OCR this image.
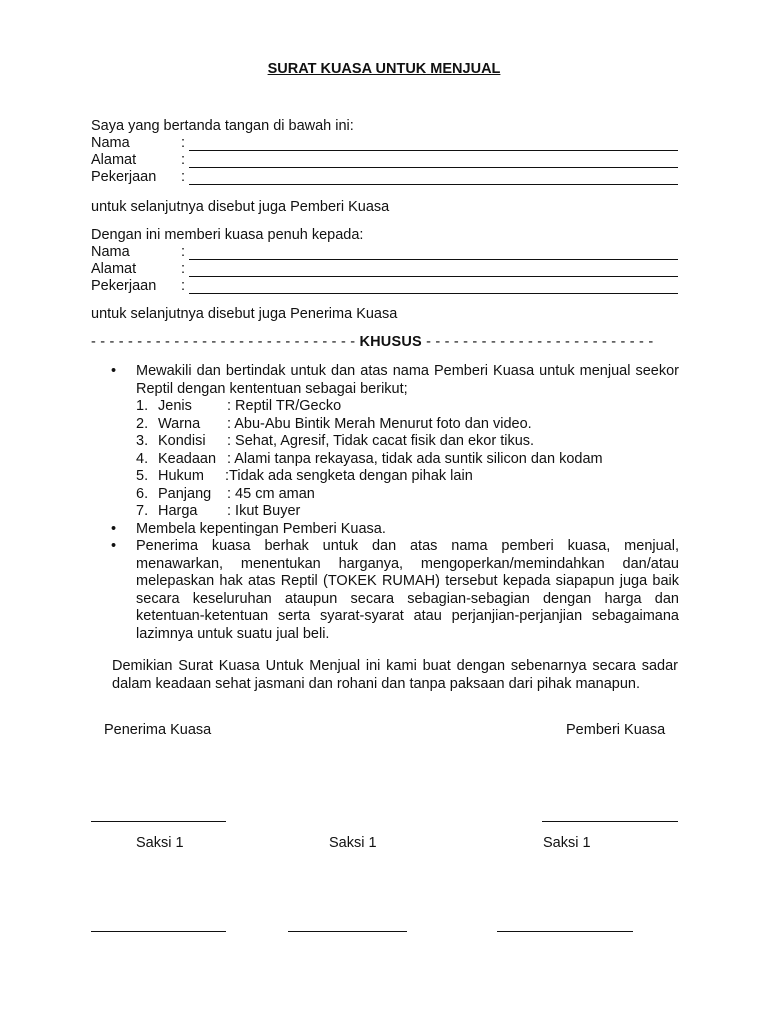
SURAT KUASA UNTUK MENJUAL
Saya yang bertanda tangan di bawah ini:
Nama	:
Alamat	:
Pekerjaan :
untuk selanjutnya disebut juga Pemberi Kuasa
Dengan ini memberi kuasa penuh kepada:
Nama	:
Alamat	:
Pekerjaan :
untuk selanjutnya disebut juga Penerima Kuasa
- - - - - - - - - - - - - - - - - - - - - - - - - - - - - KHUSUS - - - - - - - - - - - - - - - - - - - - - - - - -
• Mewakili dan bertindak untuk dan atas nama Pemberi Kuasa untuk menjual seekor Reptil dengan kententuan sebagai berikut;
1. Jenis : Reptil TR/Gecko
2. Warna : Abu-Abu Bintik Merah Menurut foto dan video.
3. Kondisi : Sehat, Agresif, Tidak cacat fisik dan ekor tikus.
4. Keadaan : Alami tanpa rekayasa, tidak ada suntik silicon dan kodam
5. Hukum :Tidak ada sengketa dengan pihak lain
6. Panjang : 45 cm aman
7. Harga : Ikut Buyer
• Membela kepentingan Pemberi Kuasa.
• Penerima kuasa berhak untuk dan atas nama pemberi kuasa, menjual, menawarkan, menentukan harganya, mengoperkan/memindahkan dan/atau melepaskan hak atas Reptil (TOKEK RUMAH) tersebut kepada siapapun juga baik secara keseluruhan ataupun secara sebagian-sebagian dengan harga dan ketentuan-ketentuan serta syarat-syarat atau perjanjian-perjanjian sebagaimana lazimnya untuk suatu jual beli.
Demikian Surat Kuasa Untuk Menjual ini kami buat dengan sebenarnya secara sadar dalam keadaan sehat jasmani dan rohani dan tanpa paksaan dari pihak manapun.
Penerima Kuasa	Pemberi Kuasa
Saksi 1	Saksi 1	Saksi 1
